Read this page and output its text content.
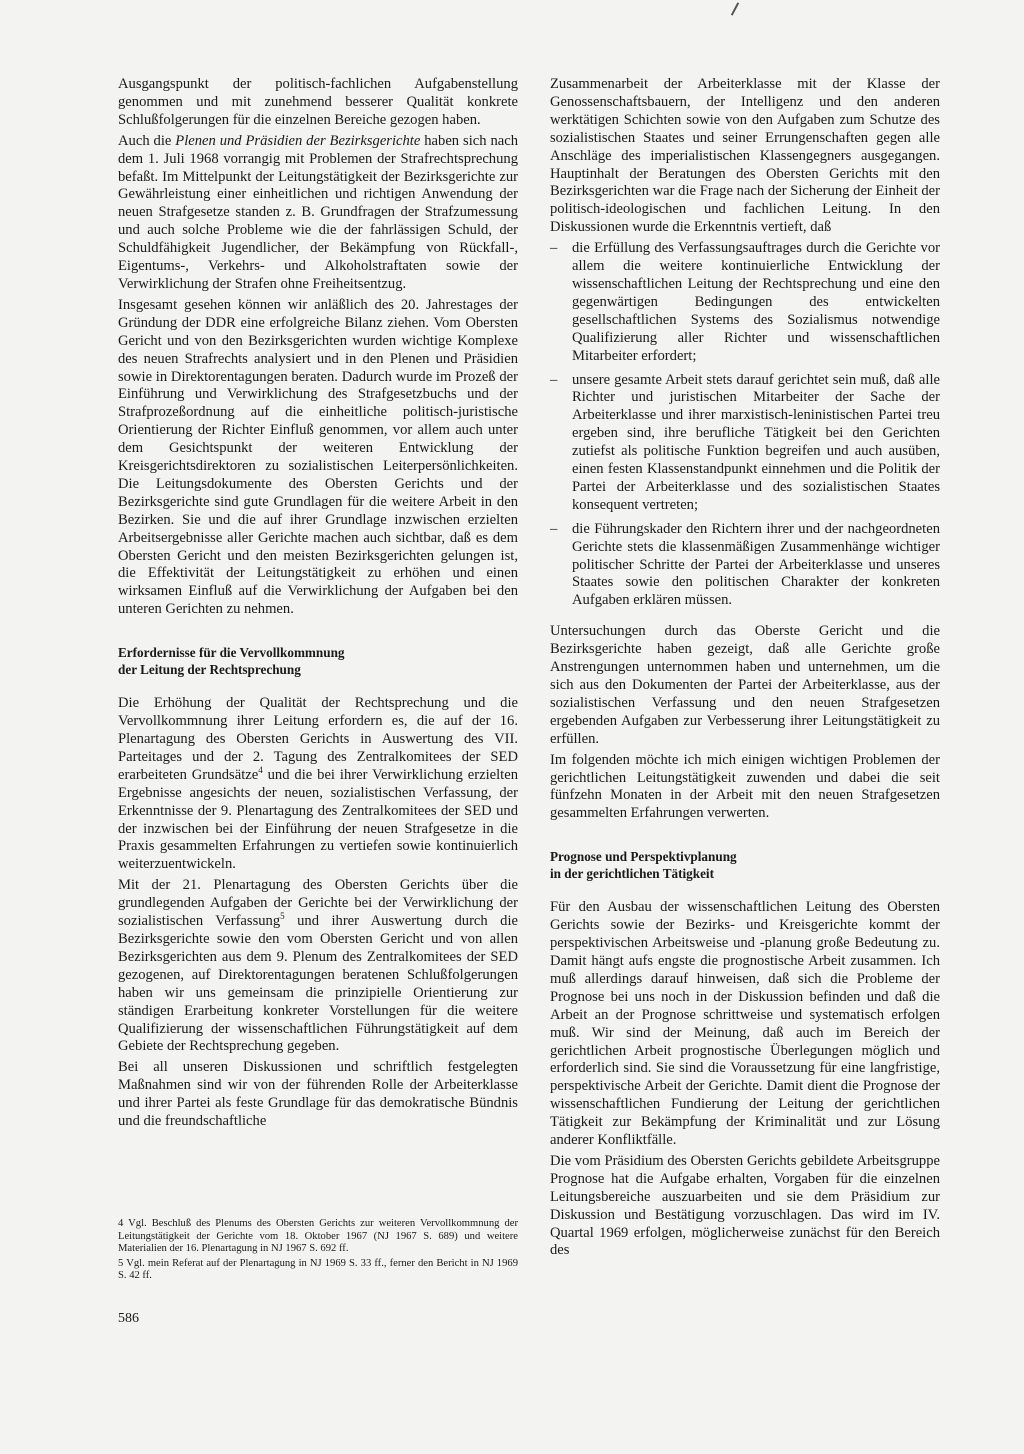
Ausgangspunkt der politisch-fachlichen Aufgabenstellung genommen und mit zunehmend besserer Qualität konkrete Schlußfolgerungen für die einzelnen Bereiche gezogen haben.

Auch die Plenen und Präsidien der Bezirksgerichte haben sich nach dem 1. Juli 1968 vorrangig mit Problemen der Strafrechtsprechung befaßt. Im Mittelpunkt der Leitungstätigkeit der Bezirksgerichte zur Gewährleistung einer einheitlichen und richtigen Anwendung der neuen Strafgesetze standen z. B. Grundfragen der Strafzumessung und auch solche Probleme wie die der fahrlässigen Schuld, der Schuldfähigkeit Jugendlicher, der Bekämpfung von Rückfall-, Eigentums-, Verkehrs- und Alkoholstraftaten sowie der Verwirklichung der Strafen ohne Freiheitsentzug.

Insgesamt gesehen können wir anläßlich des 20. Jahrestages der Gründung der DDR eine erfolgreiche Bilanz ziehen. Vom Obersten Gericht und von den Bezirksgerichten wurden wichtige Komplexe des neuen Strafrechts analysiert und in den Plenen und Präsidien sowie in Direktorentagungen beraten. Dadurch wurde im Prozeß der Einführung und Verwirklichung des Strafgesetzbuchs und der Strafprozeßordnung auf die einheitliche politisch-juristische Orientierung der Richter Einfluß genommen, vor allem auch unter dem Gesichtspunkt der weiteren Entwicklung der Kreisgerichtsdirektoren zu sozialistischen Leiterpersönlichkeiten. Die Leitungsdokumente des Obersten Gerichts und der Bezirksgerichte sind gute Grundlagen für die weitere Arbeit in den Bezirken. Sie und die auf ihrer Grundlage inzwischen erzielten Arbeitsergebnisse aller Gerichte machen auch sichtbar, daß es dem Obersten Gericht und den meisten Bezirksgerichten gelungen ist, die Effektivität der Leitungstätigkeit zu erhöhen und einen wirksamen Einfluß auf die Verwirklichung der Aufgaben bei den unteren Gerichten zu nehmen.

Erfordernisse für die Vervollkommnung
der Leitung der Rechtsprechung

Die Erhöhung der Qualität der Rechtsprechung und die Vervollkommnung ihrer Leitung erfordern es, die auf der 16. Plenartagung des Obersten Gerichts in Auswertung des VII. Parteitages und der 2. Tagung des Zentralkomitees der SED erarbeiteten Grundsätze$^4$ und die bei ihrer Verwirklichung erzielten Ergebnisse angesichts der neuen, sozialistischen Verfassung, der Erkenntnisse der 9. Plenartagung des Zentralkomitees der SED und der inzwischen bei der Einführung der neuen Strafgesetze in die Praxis gesammelten Erfahrungen zu vertiefen sowie kontinuierlich weiterzuentwickeln.

Mit der 21. Plenartagung des Obersten Gerichts über die grundlegenden Aufgaben der Gerichte bei der Verwirklichung der sozialistischen Verfassung$^5$ und ihrer Auswertung durch die Bezirksgerichte sowie den vom Obersten Gericht und von allen Bezirksgerichten aus dem 9. Plenum des Zentralkomitees der SED gezogenen, auf Direktorentagungen beratenen Schlußfolgerungen haben wir uns gemeinsam die prinzipielle Orientierung zur ständigen Erarbeitung konkreter Vorstellungen für die weitere Qualifizierung der wissenschaftlichen Führungstätigkeit auf dem Gebiete der Rechtsprechung gegeben.

Bei all unseren Diskussionen und schriftlich festgelegten Maßnahmen sind wir von der führenden Rolle der Arbeiterklasse und ihrer Partei als feste Grundlage für das demokratische Bündnis und die freundschaftliche

Zusammenarbeit der Arbeiterklasse mit der Klasse der Genossenschaftsbauern, der Intelligenz und den anderen werktätigen Schichten sowie von den Aufgaben zum Schutze des sozialistischen Staates und seiner Errungenschaften gegen alle Anschläge des imperialistischen Klassengegners ausgegangen. Hauptinhalt der Beratungen des Obersten Gerichts mit den Bezirksgerichten war die Frage nach der Sicherung der Einheit der politisch-ideologischen und fachlichen Leitung. In den Diskussionen wurde die Erkenntnis vertieft, daß

– die Erfüllung des Verfassungsauftrages durch die Gerichte vor allem die weitere kontinuierliche Entwicklung der wissenschaftlichen Leitung der Rechtsprechung und eine den gegenwärtigen Bedingungen des entwickelten gesellschaftlichen Systems des Sozialismus notwendige Qualifizierung aller Richter und wissenschaftlichen Mitarbeiter erfordert;
– unsere gesamte Arbeit stets darauf gerichtet sein muß, daß alle Richter und juristischen Mitarbeiter der Sache der Arbeiterklasse und ihrer marxistisch-leninistischen Partei treu ergeben sind, ihre berufliche Tätigkeit bei den Gerichten zutiefst als politische Funktion begreifen und auch ausüben, einen festen Klassenstandpunkt einnehmen und die Politik der Partei der Arbeiterklasse und des sozialistischen Staates konsequent vertreten;
– die Führungskader den Richtern ihrer und der nachgeordneten Gerichte stets die klassenmäßigen Zusammenhänge wichtiger politischer Schritte der Partei der Arbeiterklasse und unseres Staates sowie den politischen Charakter der konkreten Aufgaben erklären müssen.

Untersuchungen durch das Oberste Gericht und die Bezirksgerichte haben gezeigt, daß alle Gerichte große Anstrengungen unternommen haben und unternehmen, um die sich aus den Dokumenten der Partei der Arbeiterklasse, aus der sozialistischen Verfassung und den neuen Strafgesetzen ergebenden Aufgaben zur Verbesserung ihrer Leitungstätigkeit zu erfüllen.

Im folgenden möchte ich mich einigen wichtigen Problemen der gerichtlichen Leitungstätigkeit zuwenden und dabei die seit fünfzehn Monaten in der Arbeit mit den neuen Strafgesetzen gesammelten Erfahrungen verwerten.

Prognose und Perspektivplanung
in der gerichtlichen Tätigkeit

Für den Ausbau der wissenschaftlichen Leitung des Obersten Gerichts sowie der Bezirks- und Kreisgerichte kommt der perspektivischen Arbeitsweise und -planung große Bedeutung zu. Damit hängt aufs engste die prognostische Arbeit zusammen. Ich muß allerdings darauf hinweisen, daß sich die Probleme der Prognose bei uns noch in der Diskussion befinden und daß die Arbeit an der Prognose schrittweise und systematisch erfolgen muß. Wir sind der Meinung, daß auch im Bereich der gerichtlichen Arbeit prognostische Überlegungen möglich und erforderlich sind. Sie sind die Voraussetzung für eine langfristige, perspektivische Arbeit der Gerichte. Damit dient die Prognose der wissenschaftlichen Fundierung der Leitung der gerichtlichen Tätigkeit zur Bekämpfung der Kriminalität und zur Lösung anderer Konfliktfälle.

Die vom Präsidium des Obersten Gerichts gebildete Arbeitsgruppe Prognose hat die Aufgabe erhalten, Vorgaben für die einzelnen Leitungsbereiche auszuarbeiten und sie dem Präsidium zur Diskussion und Bestätigung vorzuschlagen. Das wird im IV. Quartal 1969 erfolgen, möglicherweise zunächst für den Bereich des

4 Vgl. Beschluß des Plenums des Obersten Gerichts zur weiteren Vervollkommnung der Leitungstätigkeit der Gerichte vom 18. Oktober 1967 (NJ 1967 S. 689) und weitere Materialien der 16. Plenartagung in NJ 1967 S. 692 ff.

5 Vgl. mein Referat auf der Plenartagung in NJ 1969 S. 33 ff., ferner den Bericht in NJ 1969 S. 42 ff.

586
